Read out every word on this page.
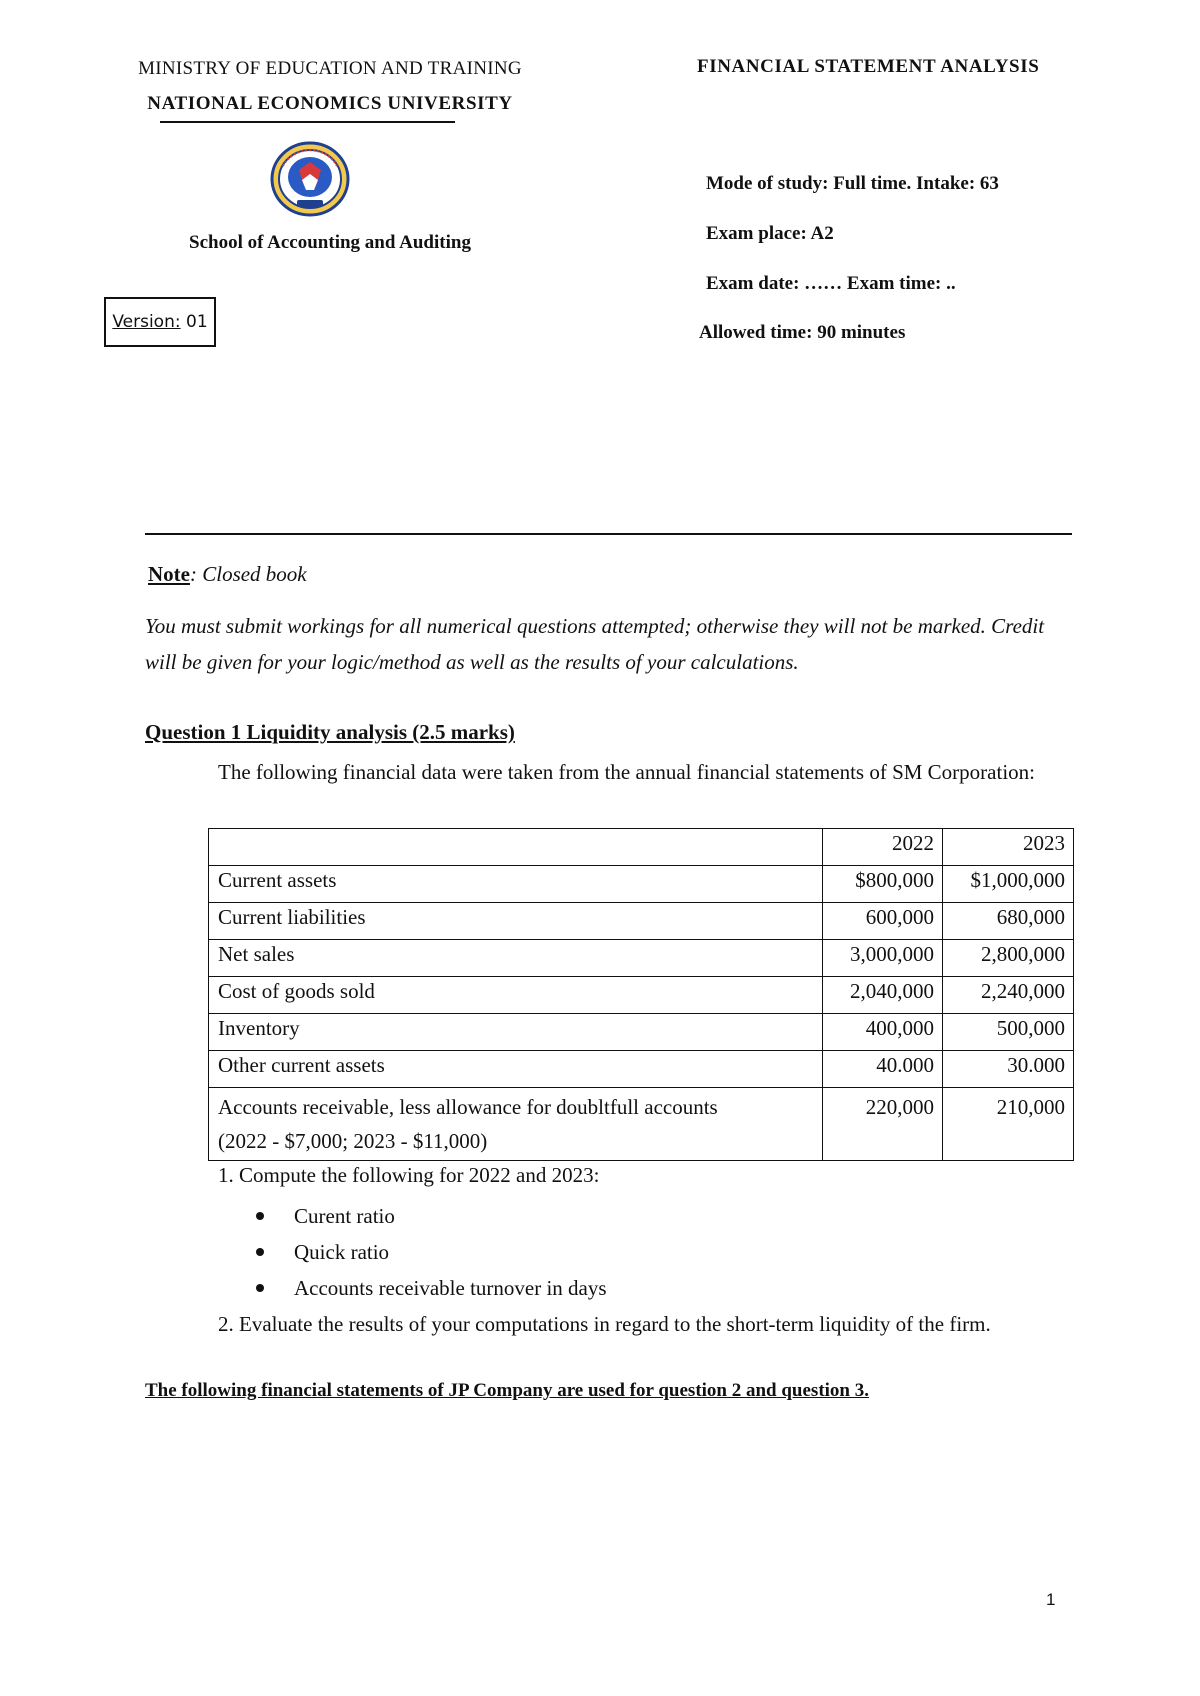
MINISTRY OF EDUCATION AND TRAINING
NATIONAL ECONOMICS UNIVERSITY
School of Accounting and Auditing
Version:
01
FINANCIAL STATEMENT ANALYSIS
Mode of study: Full time. Intake: 63
Exam place: A2
Exam date: …… Exam time: ..
Allowed time: 90 minutes
Note: Closed book
You must submit workings for all numerical questions attempted; otherwise they will not be marked. Credit will be given for your logic/method as well as the results of your calculations.
Question 1 Liquidity analysis (2.5 marks)
The following financial data were taken from the annual financial statements of SM Corporation:
	2022	2023
Current assets	$800,000	$1,000,000
Current liabilities	600,000	680,000
Net sales	3,000,000	2,800,000
Cost of goods sold	2,040,000	2,240,000
Inventory	400,000	500,000
Other current assets	40.000	30.000

Accounts receivable, less allowance for doubltfull accounts
(2022 - $7,000; 2023 - $11,000)	220,000	210,000
1. Compute the following for 2022 and 2023:
Curent ratio
Quick ratio
Accounts receivable turnover in days
2. Evaluate the results of your computations in regard to the short-term liquidity of the firm.
The following financial statements of JP Company are used for question 2 and question 3.
1
